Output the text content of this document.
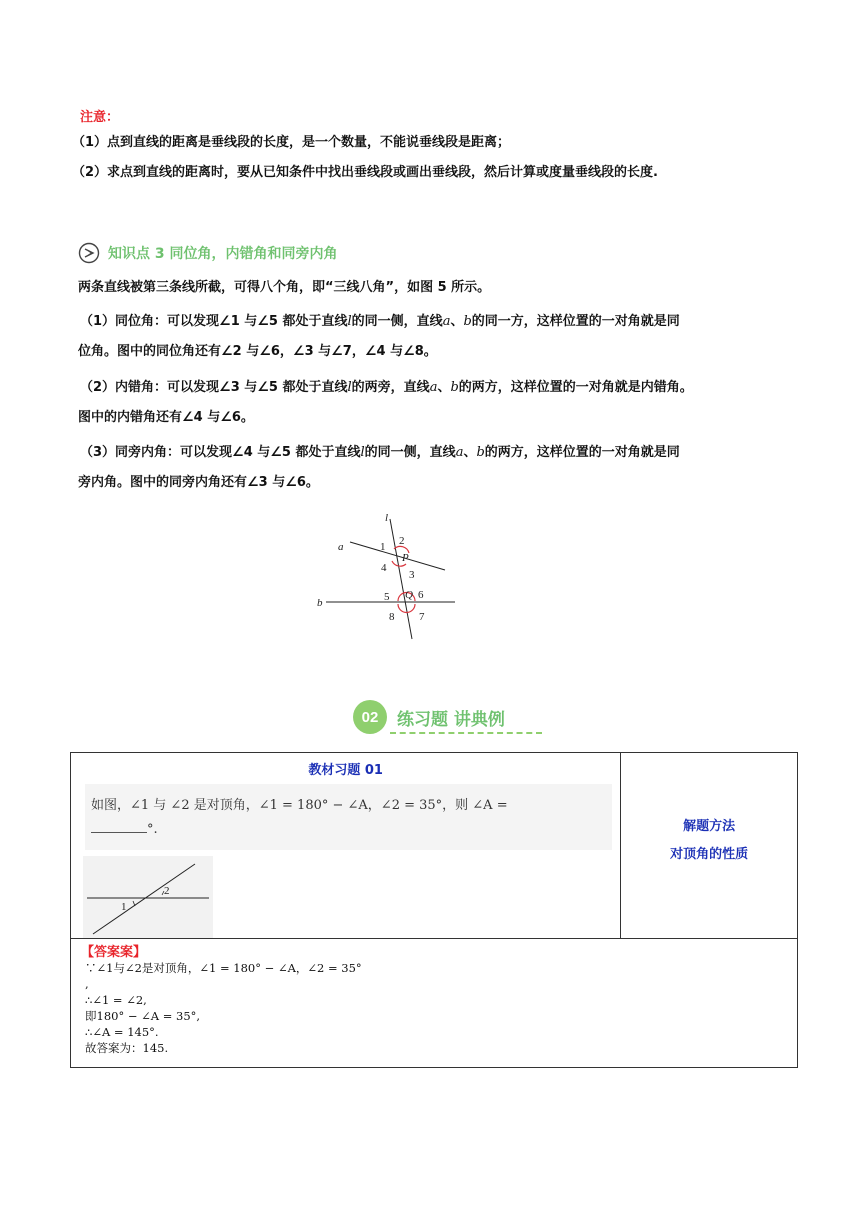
注意：
（1）点到直线的距离是垂线段的长度，是一个数量，不能说垂线段是距离；
（2）求点到直线的距离时，要从已知条件中找出垂线段或画出垂线段，然后计算或度量垂线段的长度.
知识点 3 同位角，内错角和同旁内角
两条直线被第三条线所截，可得八个角，即“三线八角”，如图 5 所示。
（1）同位角：可以发现∠1 与∠5 都处于直线l的同一侧，直线a、b的同一方，这样位置的一对角就是同
位角。图中的同位角还有∠2 与∠6，∠3 与∠7，∠4 与∠8。
（2）内错角：可以发现∠3 与∠5 都处于直线l的两旁，直线a、b的两方，这样位置的一对角就是内错角。
图中的内错角还有∠4 与∠6。
（3）同旁内角：可以发现∠4 与∠5 都处于直线l的同一侧，直线a、b的两方，这样位置的一对角就是同
旁内角。图中的同旁内角还有∠3 与∠6。
l
a
b
1 2
P
4
3
5 Q 6
8 7
02	练习题 讲典例
教材习题 01
如图，∠1 与 ∠2 是对顶角，∠1 = 180° − ∠A，∠2 = 35°，则 ∠A =
°.
1
2

解题方法
对顶角的性质

【答案案】
∵∠1与∠2是对顶角，∠1 = 180° − ∠A，∠2 = 35°
,
∴∠1 = ∠2,
即180° − ∠A = 35°,
∴∠A = 145°.
故答案为：145.
